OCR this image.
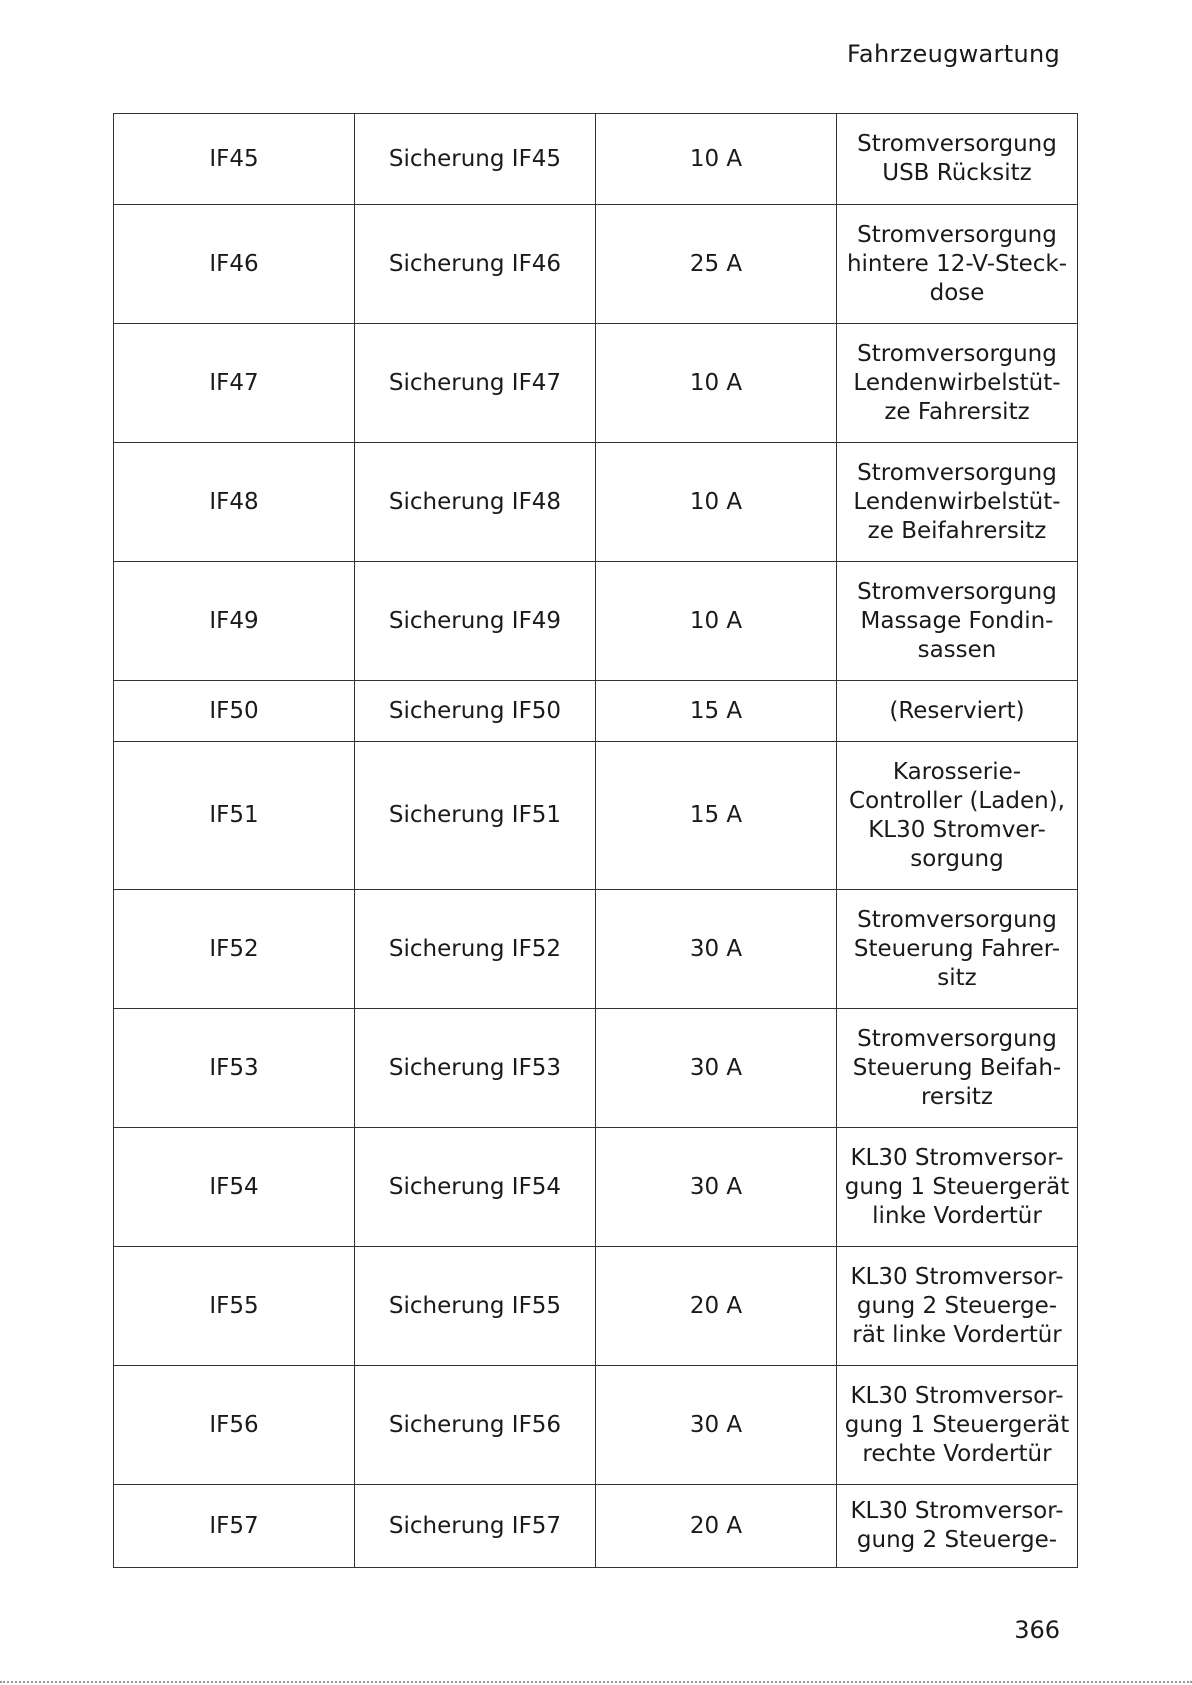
Fahrzeugwartung
IF45	Sicherung IF45	10 A	Stromversorgung
USB Rücksitz

IF46	Sicherung IF46	25 A	Stromversorgung
hintere 12-V-Steck-
dose

IF47	Sicherung IF47	10 A	Stromversorgung
Lendenwirbelstüt-
ze Fahrersitz

IF48	Sicherung IF48	10 A	Stromversorgung
Lendenwirbelstüt-
ze Beifahrersitz

IF49	Sicherung IF49	10 A	Stromversorgung
Massage Fondin-
sassen

IF50	Sicherung IF50	15 A	(Reserviert)

IF51	Sicherung IF51	15 A	Karosserie-
Controller (Laden),
KL30 Stromver-
sorgung

IF52	Sicherung IF52	30 A	Stromversorgung
Steuerung Fahrer-
sitz

IF53	Sicherung IF53	30 A	Stromversorgung
Steuerung Beifah-
rersitz

IF54	Sicherung IF54	30 A	KL30 Stromversor-
gung 1 Steuergerät
linke Vordertür

IF55	Sicherung IF55	20 A	KL30 Stromversor-
gung 2 Steuerge-
rät linke Vordertür

IF56	Sicherung IF56	30 A	KL30 Stromversor-
gung 1 Steuergerät
rechte Vordertür

IF57	Sicherung IF57	20 A	KL30 Stromversor-
gung 2 Steuerge-
366
